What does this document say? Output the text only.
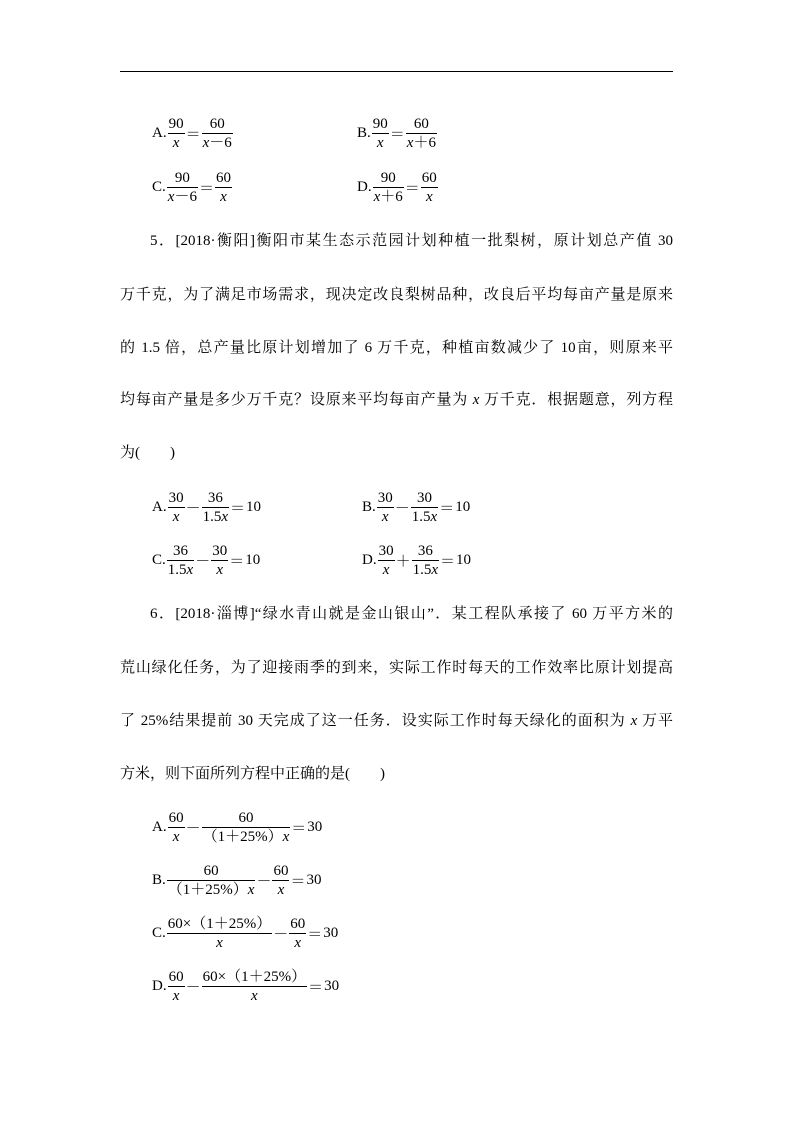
A. $\frac{90}{x} = \frac{60}{x-6}$	B. $\frac{90}{x} = \frac{60}{x+6}$
C. $\frac{90}{x-6} = \frac{60}{x}$	D. $\frac{90}{x+6} = \frac{60}{x}$
5．[2018·衡阳]衡阳市某生态示范园计划种植一批梨树，原计划总产值 30
万千克，为了满足市场需求，现决定改良梨树品种，改良后平均每亩产量是原来
的 1.5 倍，总产量比原计划增加了 6 万千克，种植亩数减少了 10亩，则原来平
均每亩产量是多少万千克？设原来平均每亩产量为 x 万千克．根据题意，列方程
为(　　)
A. $\frac{30}{x} - \frac{36}{1.5x} = 10$	B. $\frac{30}{x} - \frac{30}{1.5x} = 10$
C. $\frac{36}{1.5x} - \frac{30}{x} = 10$	D. $\frac{30}{x} + \frac{36}{1.5x} = 10$
6．[2018·淄博]“绿水青山就是金山银山”．某工程队承接了 60 万平方米的
荒山绿化任务，为了迎接雨季的到来，实际工作时每天的工作效率比原计划提高
了 25%结果提前 30 天完成了这一任务．设实际工作时每天绿化的面积为 x 万平
方米，则下面所列方程中正确的是(　　)
A. $\frac{60}{x} - \frac{60}{(1+25\%)x} = 30$
B. $\frac{60}{(1+25\%)x} - \frac{60}{x} = 30$
C. $\frac{60\times(1+25\%)}{x} - \frac{60}{x} = 30$
D. $\frac{60}{x} - \frac{60\times(1+25\%)}{x} = 30$
